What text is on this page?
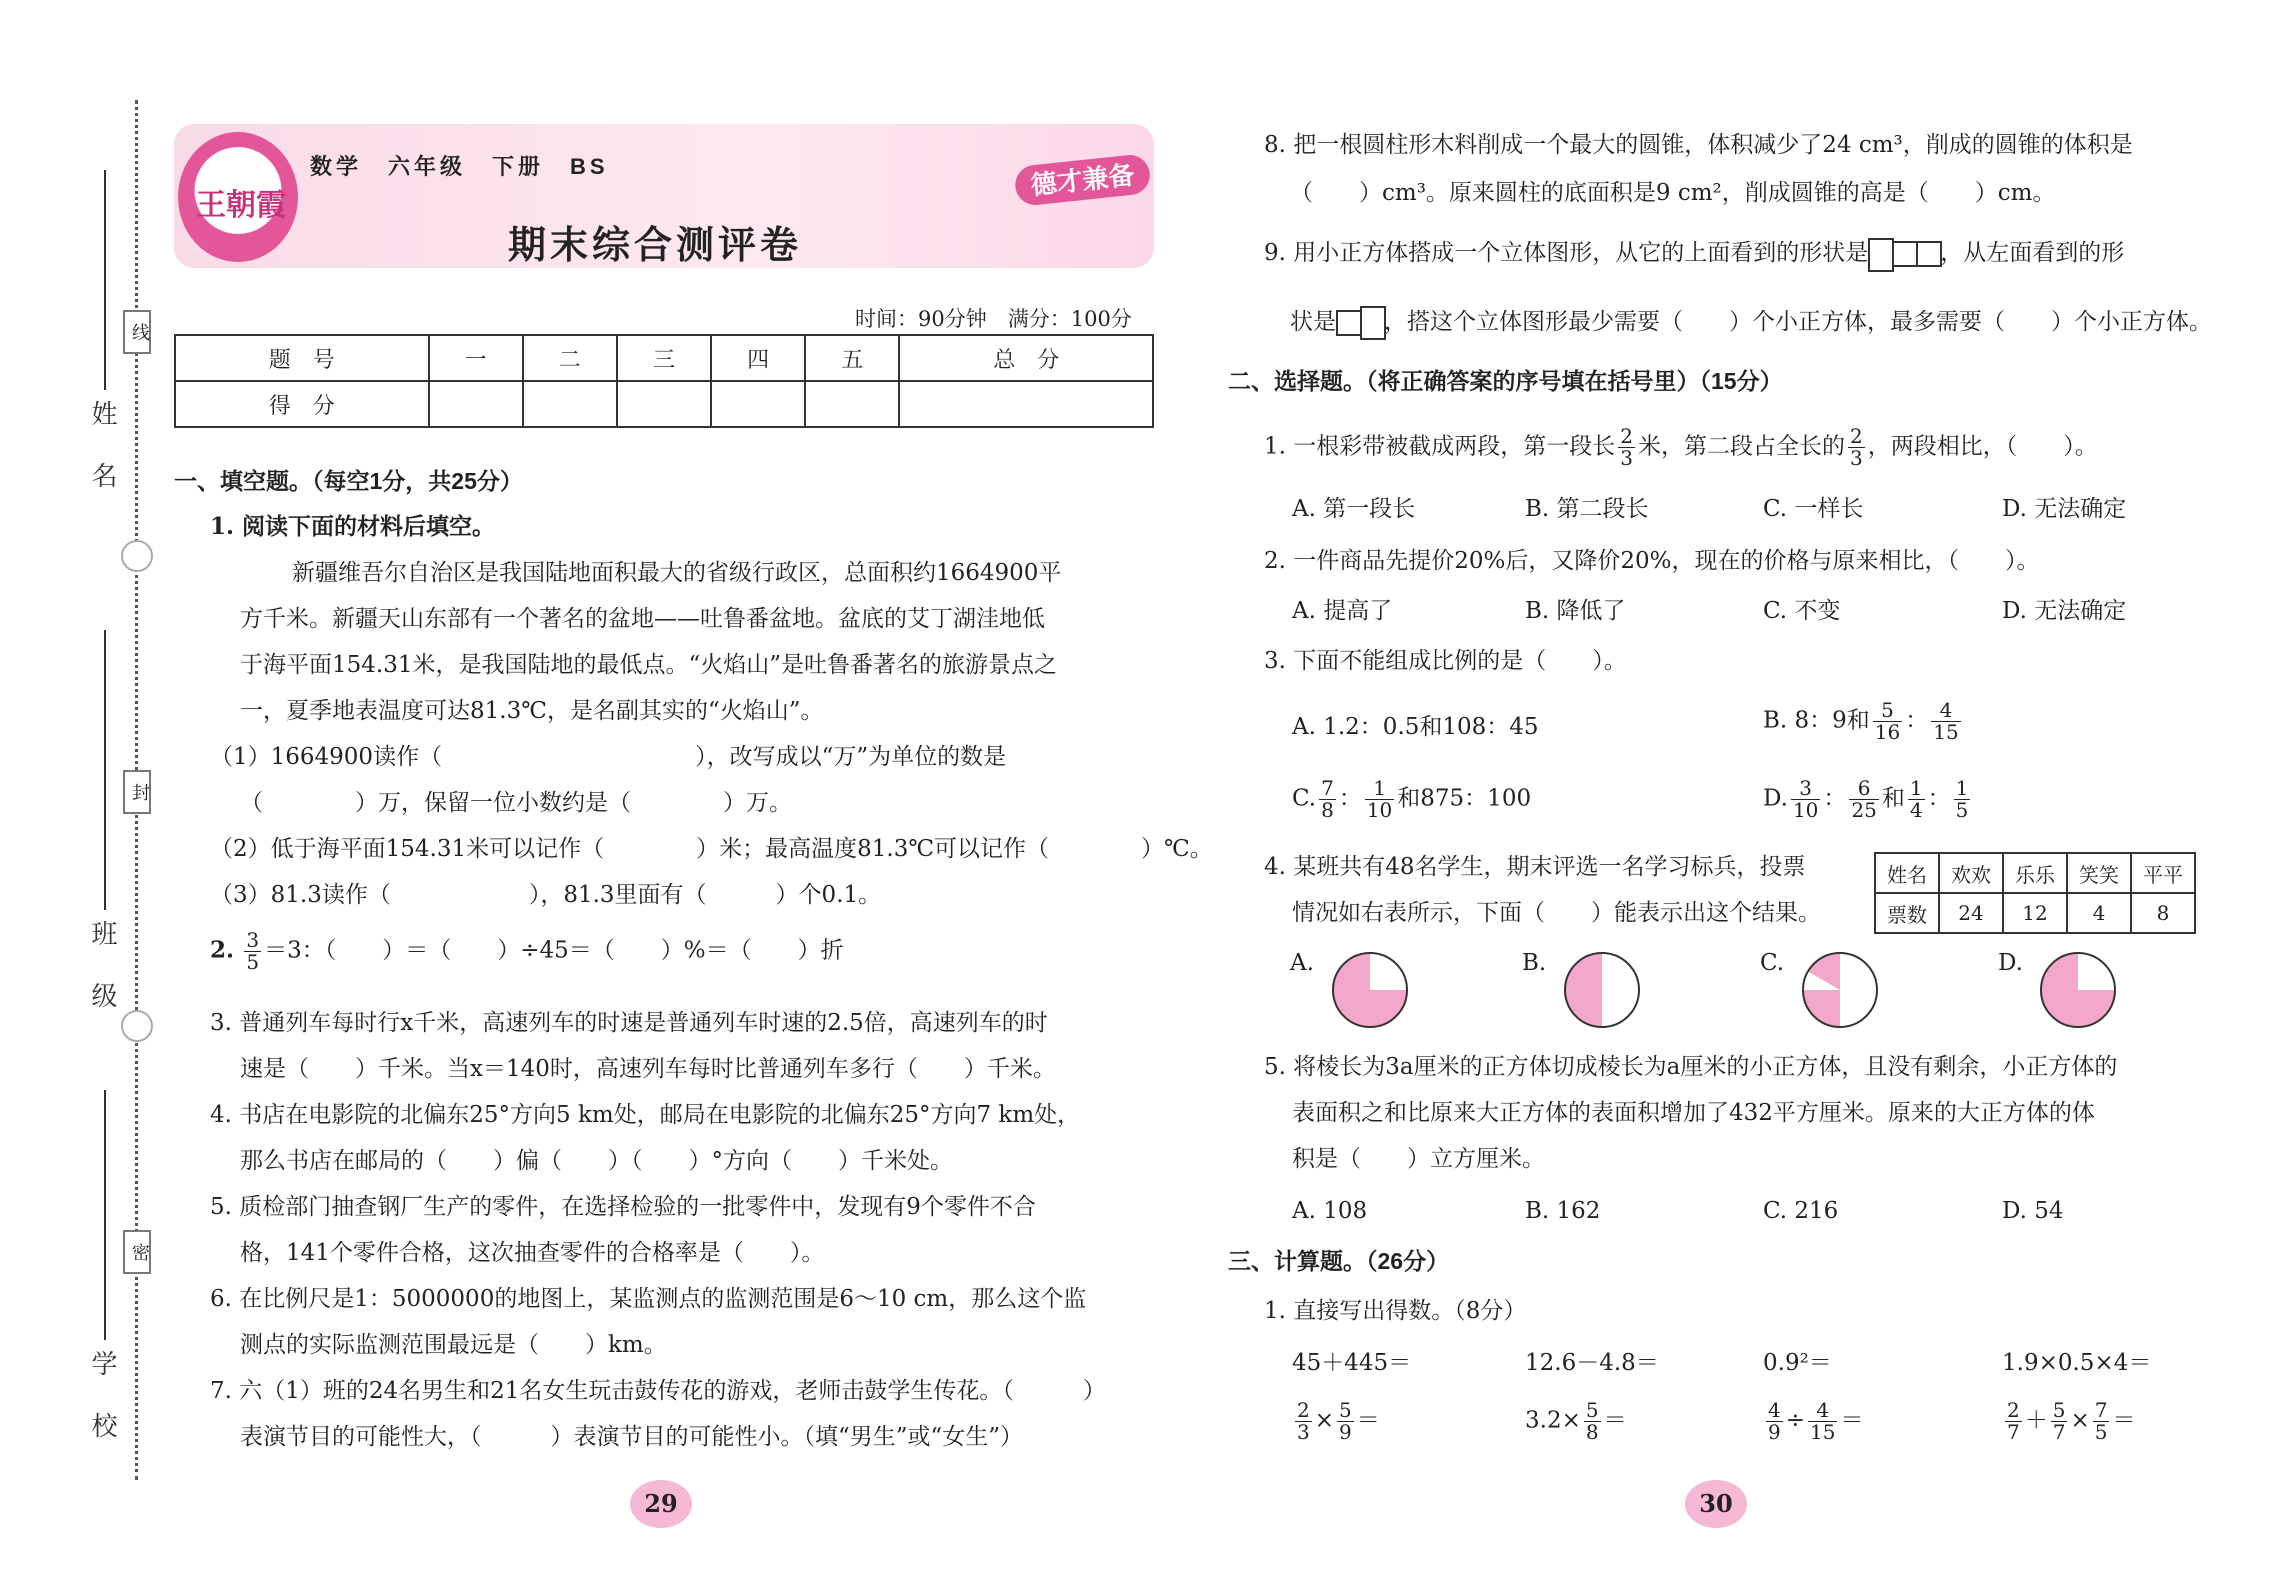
姓 名
班 级
学 校
线
封
密
王朝霞
数学　六年级　下册　BS
期末综合测评卷
德才兼备
时间：90分钟　满分：100分
题　号	一	二	三	四	五	总　分
得　分						
一、填空题。（每空1分，共25分）
1. 阅读下面的材料后填空。
新疆维吾尔自治区是我国陆地面积最大的省级行政区，总面积约1664900平
方千米。新疆天山东部有一个著名的盆地——吐鲁番盆地。盆底的艾丁湖洼地低
于海平面154.31米，是我国陆地的最低点。“火焰山”是吐鲁番著名的旅游景点之
一，夏季地表温度可达81.3℃，是名副其实的“火焰山”。
（1）1664900读作（　　　　　　　　　　　），改写成以“万”为单位的数是
（　　　　）万，保留一位小数约是（　　　　）万。
（2）低于海平面154.31米可以记作（　　　　）米；最高温度81.3℃可以记作（　　　　）℃。
（3）81.3读作（　　　　　　），81.3里面有（　　　）个0.1。
2. $\frac{3}{5} =3$：（　　）＝（　　）÷45＝（　　）%＝（　　）折
3. 普通列车每时行x千米，高速列车的时速是普通列车时速的2.5倍，高速列车的时
速是（　　）千米。当x＝140时，高速列车每时比普通列车多行（　　）千米。
4. 书店在电影院的北偏东25°方向5 km处，邮局在电影院的北偏东25°方向7 km处，
那么书店在邮局的（　　）偏（　　）（　　）°方向（　　）千米处。
5. 质检部门抽查钢厂生产的零件，在选择检验的一批零件中，发现有9个零件不合
格，141个零件合格，这次抽查零件的合格率是（　　）。
6. 在比例尺是1：5000000的地图上，某监测点的监测范围是6～10 cm，那么这个监
测点的实际监测范围最远是（　　）km。
7. 六（1）班的24名男生和21名女生玩击鼓传花的游戏，老师击鼓学生传花。（　　　）
表演节目的可能性大，（　　　）表演节目的可能性小。（填“男生”或“女生”）
29
8. 把一根圆柱形木料削成一个最大的圆锥，体积减少了24 cm³，削成的圆锥的体积是
（　　）cm³。原来圆柱的底面积是9 cm²，削成圆锥的高是（　　）cm。
9. 用小正方体搭成一个立体图形，从它的上面看到的形状是	，从左面看到的形
状是 ，搭这个立体图形最少需要（　　）个小正方体，最多需要（　　）个小正方体。
二、选择题。（将正确答案的序号填在括号里）（15分）
1. 一根彩带被截成两段，第一段长 $\frac{2}{3}$ 米，第二段占全长的 $\frac{2}{3}$ ，两段相比，（　　）。
A. 第一段长	B. 第二段长	C. 一样长	D. 无法确定
2. 一件商品先提价20%后，又降价20%，现在的价格与原来相比，（　　）。
A. 提高了	B. 降低了	C. 不变	D. 无法确定
3. 下面不能组成比例的是（　　）。
A. 1.2：0.5和108：45	B. 8：9和 $\frac{5}{16}$ ： $\frac{4}{15}$
C. $\frac{7}{8}$ ： $\frac{1}{10}$ 和875：100	D. $\frac{3}{10}$ ： $\frac{6}{25}$ 和 $\frac{1}{4}$ ： $\frac{1}{5}$
4. 某班共有48名学生，期末评选一名学习标兵，投票
情况如右表所示，下面（　　）能表示出这个结果。
姓名	欢欢	乐乐	笑笑	平平
票数	24	12	4	8
A.	B.	C.	D.
5. 将棱长为3a厘米的正方体切成棱长为a厘米的小正方体，且没有剩余，小正方体的
表面积之和比原来大正方体的表面积增加了432平方厘米。原来的大正方体的体
积是（　　）立方厘米。
A. 108	B. 162	C. 216	D. 54
三、计算题。（26分）
1. 直接写出得数。（8分）
45＋445＝	12.6－4.8＝	0.9²＝	1.9×0.5×4＝
$\frac{2}{3} \times \frac{5}{9}$ ＝	$3.2\times \frac{5}{8}$ ＝	$\frac{4}{9} \div \frac{4}{15}$ ＝	$\frac{2}{7} + \frac{5}{7} \times \frac{7}{5}$ ＝
30
